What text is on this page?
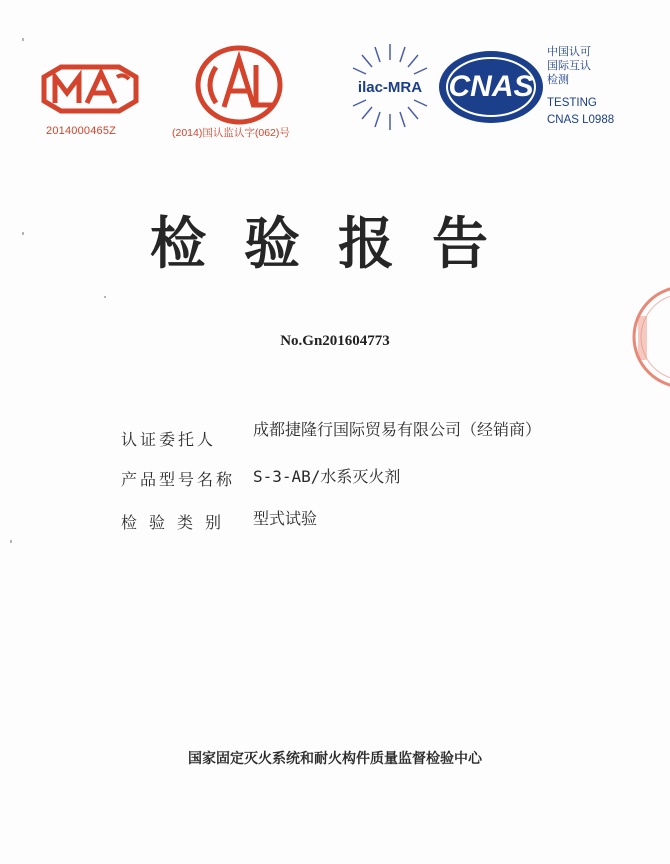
2014000465Z	(2014)国认监认字(062)号
ilac-MRA CNAS
中国认可
国际互认
检测
TESTING
CNAS L0988
检验报告
No.Gn201604773
认证委托人
成都捷隆行国际贸易有限公司（经销商）
产品型号名称 S-3-AB/水系灭火剂
检验类别 型式试验
国家固定灭火系统和耐火构件质量监督检验中心
